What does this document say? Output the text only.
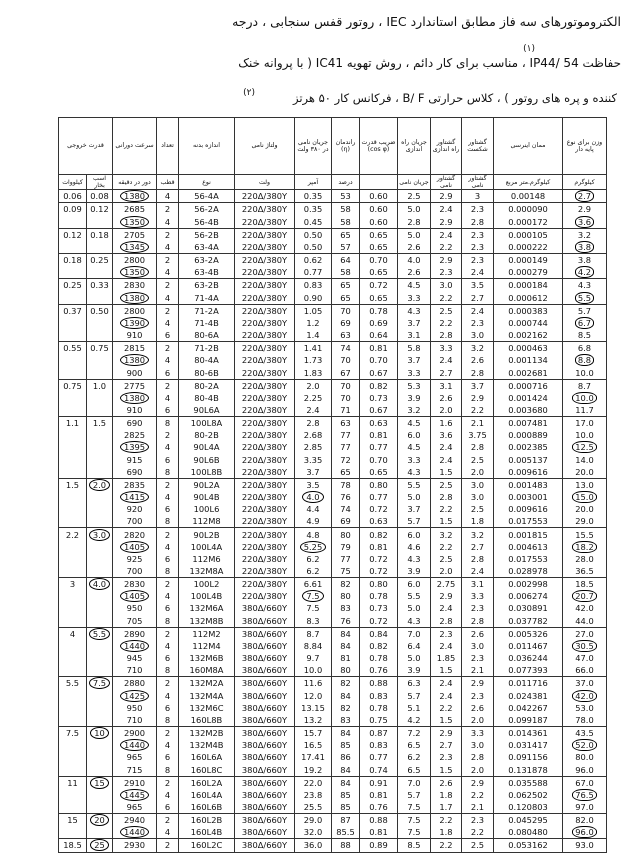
الکتروموتورهای سه فاز مطابق استاندارد IEC ، روتور قفس سنجابی ، درجه
(١)
حفاظت IP44/ 54 ، مناسب برای کار دائم ، روش تهویه IC41 ( با پروانه خنک
(٢)	کننده و پره های روتور ) ، کلاس حرارتی B/ F ، فرکانس کار ۵۰ هرتز
قدرت خروجی		سرعت دورانی	تعداد	اندازه بدنه	ولتاژ نامی	جریان نامی در ۳۸۰ ولت	راندمان (η)	ضریب قدرت (cos φ)	جریان راه اندازی	گشتاور راه اندازی	گشتاور شکست	ممان اینرسی	وزن برای نوع پایه دار
کیلووات	اسب بخار	دور در دقیقه	قطب	نوع	ولت	آمپر	درصد		جریان نامی	گشتاور نامی	گشتاور نامی	کیلوگرم.متر مربع	کیلوگرم
0.06	0.08	1380	4	56-4A	220Δ/380Y	0.35	53	0.60	2.5	2.9	3	0.00148	2.7
0.09	0.12	2685	2	56-2A	220Δ/380Y	0.35	58	0.60	5.0	2.4	2.3	0.000090	2.9
		1350	4	56-4B	220Δ/380Y	0.45	58	0.60	2.8	2.9	2.8	0.000172	3.6
0.12	0.18	2705	2	56-2B	220Δ/380Y	0.50	65	0.65	5.0	2.4	2.3	0.000105	3.2
		1345	4	63-4A	220Δ/380Y	0.50	57	0.65	2.6	2.2	2.3	0.000222	3.8
0.18	0.25	2800	2	63-2A	220Δ/380Y	0.62	64	0.70	4.0	2.9	2.3	0.000149	3.8
		1350	4	63-4B	220Δ/380Y	0.77	58	0.65	2.6	2.3	2.4	0.000279	4.2
0.25	0.33	2830	2	63-2B	220Δ/380Y	0.83	65	0.72	4.5	3.0	3.5	0.000184	4.3
		1380	4	71-4A	220Δ/380Y	0.90	65	0.65	3.3	2.2	2.7	0.000612	5.5
0.37	0.50	2800	2	71-2A	220Δ/380Y	1.05	70	0.78	4.3	2.5	2.4	0.000383	5.7
		1390	4	71-4B	220Δ/380Y	1.2	69	0.69	3.7	2.2	2.3	0.000744	6.7
		910	6	80-6A	220Δ/380Y	1.4	63	0.64	3.1	2.8	3.0	0.002162	8.5
0.55	0.75	2815	2	71-2B	220Δ/380Y	1.41	74	0.81	5.8	3.3	3.2	0.000463	6.8
		1380	4	80-4A	220Δ/380Y	1.73	70	0.70	3.7	2.4	2.6	0.001134	8.8
		900	6	80-6B	220Δ/380Y	1.83	67	0.67	3.3	2.7	2.8	0.002681	10.0
0.75	1.0	2775	2	80-2A	220Δ/380Y	2.0	70	0.82	5.3	3.1	3.7	0.000716	8.7
		1380	4	80-4B	220Δ/380Y	2.25	70	0.73	3.9	2.6	2.9	0.001424	10.0
		910	6	90L6A	220Δ/380Y	2.4	71	0.67	3.2	2.0	2.2	0.003680	11.7
1.1	1.5	690	8	100L8A	220Δ/380Y	2.8	63	0.63	4.5	1.6	2.1	0.007481	17.0
		2825	2	80-2B	220Δ/380Y	2.68	77	0.81	6.0	3.6	3.75	0.000889	10.0
		1395	4	90L4A	220Δ/380Y	2.85	77	0.77	4.5	2.4	2.8	0.002385	12.5
		915	6	90L6B	220Δ/380Y	3.35	72	0.70	3.3	2.4	2.5	0.005137	14.0
		690	8	100L8B	220Δ/380Y	3.7	65	0.65	4.3	1.5	2.0	0.009616	20.0
1.5	2.0	2835	2	90L2A	220Δ/380Y	3.5	78	0.80	5.5	2.5	3.0	0.001483	13.0
		1415	4	90L4B	220Δ/380Y	4.0	76	0.77	5.0	2.8	3.0	0.003001	15.0
		920	6	100L6	220Δ/380Y	4.4	74	0.72	3.7	2.2	2.5	0.009616	20.0
		700	8	112M8	220Δ/380Y	4.9	69	0.63	5.7	1.5	1.8	0.017553	29.0
2.2	3.0	2820	2	90L2B	220Δ/380Y	4.8	80	0.82	6.0	3.2	3.2	0.001815	15.5
		1405	4	100L4A	220Δ/380Y	5.25	79	0.81	4.6	2.2	2.7	0.004613	18.2
		925	6	112M6	220Δ/380Y	6.2	77	0.72	4.3	2.5	2.8	0.017553	28.0
		700	8	132M8A	220Δ/380Y	6.2	75	0.72	3.9	2.0	2.4	0.028978	36.5
3	4.0	2830	2	100L2	220Δ/380Y	6.61	82	0.80	6.0	2.75	3.1	0.002998	18.5
		1405	4	100L4B	220Δ/380Y	7.5	80	0.78	5.5	2.9	3.3	0.006274	20.7
		950	6	132M6A	380Δ/660Y	7.5	83	0.73	5.0	2.4	2.3	0.030891	42.0
		705	8	132M8B	380Δ/660Y	8.3	76	0.72	4.3	2.8	2.8	0.037782	44.0
4	5.5	2890	2	112M2	380Δ/660Y	8.7	84	0.84	7.0	2.3	2.6	0.005326	27.0
		1440	4	112M4	380Δ/660Y	8.84	84	0.82	6.4	2.4	3.0	0.011467	30.5
		945	6	132M6B	380Δ/660Y	9.7	81	0.78	5.0	1.85	2.3	0.036244	47.0
		710	8	160M8A	380Δ/660Y	10.0	80	0.76	3.9	1.5	2.1	0.077393	66.0
5.5	7.5	2880	2	132M2A	380Δ/660Y	11.6	82	0.88	6.3	2.4	2.9	0.011716	37.0
		1425	4	132M4A	380Δ/660Y	12.0	84	0.83	5.7	2.4	2.3	0.024381	42.0
		950	6	132M6C	380Δ/660Y	13.15	82	0.78	5.1	2.2	2.6	0.042267	53.0
		710	8	160L8B	380Δ/660Y	13.2	83	0.75	4.2	1.5	2.0	0.099187	78.0
7.5	10	2900	2	132M2B	380Δ/660Y	15.7	84	0.87	7.2	2.9	3.3	0.014361	43.5
		1440	4	132M4B	380Δ/660Y	16.5	85	0.83	6.5	2.7	3.0	0.031417	52.0
		965	6	160L6A	380Δ/660Y	17.41	86	0.77	6.2	2.3	2.8	0.091156	80.0
		715	8	160L8C	380Δ/660Y	19.2	84	0.74	6.5	1.5	2.0	0.131878	96.0
11	15	2910	2	160L2A	380Δ/660Y	22.0	84	0.91	7.0	2.6	2.9	0.035588	67.0
		1445	4	160L4A	380Δ/660Y	23.8	85	0.81	5.7	1.8	2.2	0.062502	76.5
		965	6	160L6B	380Δ/660Y	25.5	85	0.76	7.5	1.7	2.1	0.120803	97.0
15	20	2940	2	160L2B	380Δ/660Y	29.0	87	0.88	7.5	2.2	2.3	0.045295	82.0
		1440	4	160L4B	380Δ/660Y	32.0	85.5	0.81	7.5	1.8	2.2	0.080480	96.0
18.5	25	2930	2	160L2C	380Δ/660Y	36.0	88	0.89	8.5	2.2	2.5	0.053162	93.0
